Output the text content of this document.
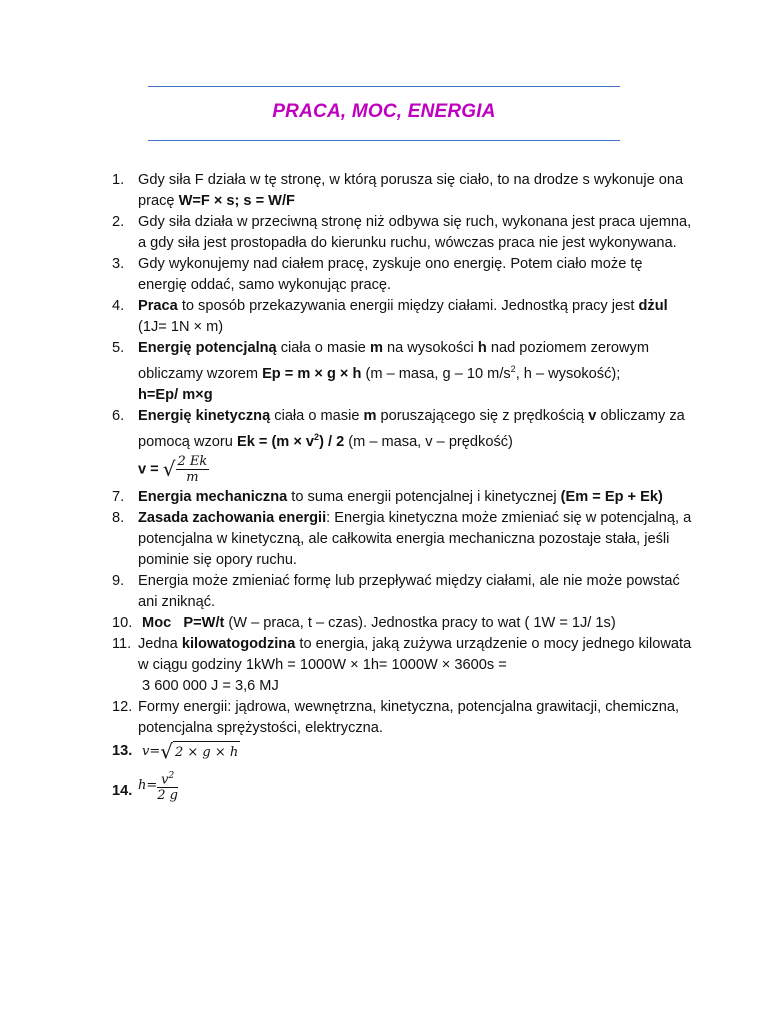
PRACA, MOC, ENERGIA
1. Gdy siła F działa w tę stronę, w którą porusza się ciało, to na drodze s wykonuje ona pracę W=F × s; s = W/F
2. Gdy siła działa w przeciwną stronę niż odbywa się ruch, wykonana jest praca ujemna, a gdy siła jest prostopadła do kierunku ruchu, wówczas praca nie jest wykonywana.
3. Gdy wykonujemy nad ciałem pracę, zyskuje ono energię. Potem ciało może tę energię oddać, samo wykonując pracę.
4. Praca to sposób przekazywania energii między ciałami. Jednostką pracy jest dżul (1J= 1N × m)
5. Energię potencjalną ciała o masie m na wysokości h nad poziomem zerowym obliczamy wzorem Ep = m × g × h (m – masa, g – 10 $m/s^2$, h – wysokość);
h=Ep/ m×g
6. Energię kinetyczną ciała o masie m poruszającego się z prędkością v obliczamy za pomocą wzoru $Ek = (m \times v^2) / 2$ (m – masa, v – prędkość)
v = √ $\frac{2 Ek}{m}$
7. Energia mechaniczna to suma energii potencjalnej i kinetycznej (Em = Ep + Ek)
8. Zasada zachowania energii: Energia kinetyczna może zmieniać się w potencjalną, a potencjalna w kinetyczną, ale całkowita energia mechaniczna pozostaje stała, jeśli pominie się opory ruchu.
9. Energia może zmieniać formę lub przepływać między ciałami, ale nie może powstać ani zniknąć.
10. Moc   P=W/t (W – praca, t – czas). Jednostka pracy to wat ( 1W = 1J/ 1s)
11. Jedna kilowatogodzina to energia, jaką zużywa urządzenie o mocy jednego kilowata w ciągu godziny 1kWh = 1000W × 1h= 1000W × 3600s =
3 600 000 J = 3,6 MJ
12. Formy energii: jądrowa, wewnętrzna, kinetyczna, potencjalna grawitacji, chemiczna, potencjalna sprężystości, elektryczna.
13. v=√ 2 × g × h
14. $h= \frac{v^2}{2 g}$
